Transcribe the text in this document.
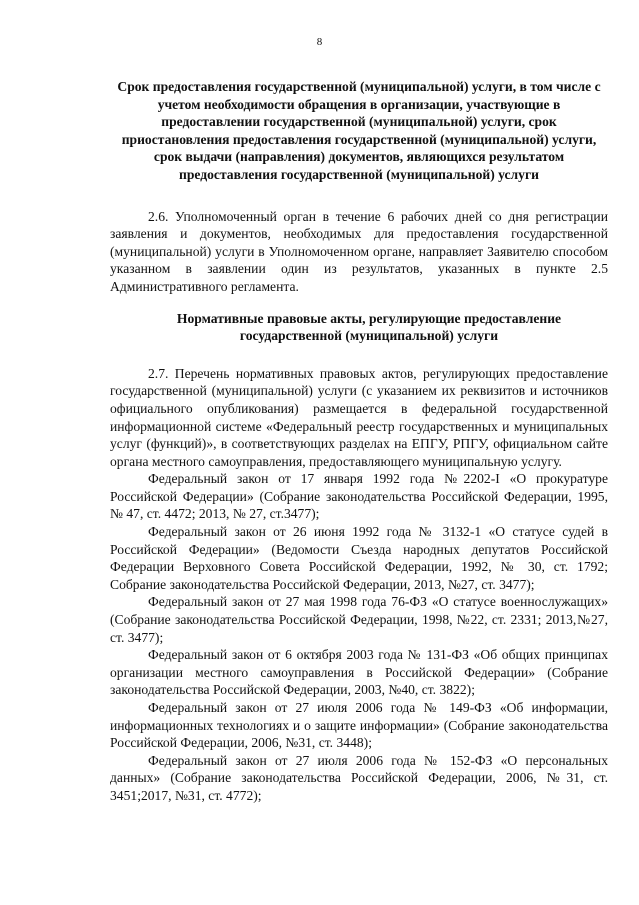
8

Срок предоставления государственной (муниципальной) услуги, в том числе с учетом необходимости обращения в организации, участвующие в предоставлении государственной (муниципальной) услуги, срок приостановления предоставления государственной (муниципальной) услуги, срок выдачи (направления) документов, являющихся результатом предоставления государственной (муниципальной) услуги

2.6. Уполномоченный орган в течение 6 рабочих дней со дня регистрации заявления и документов, необходимых для предоставления государственной (муниципальной) услуги в Уполномоченном органе, направляет Заявителю способом указанном в заявлении один из результатов, указанных в пункте 2.5 Административного регламента.

Нормативные правовые акты, регулирующие предоставление государственной (муниципальной) услуги

2.7. Перечень нормативных правовых актов, регулирующих предоставление государственной (муниципальной) услуги (с указанием их реквизитов и источников официального опубликования) размещается в федеральной государственной информационной системе «Федеральный реестр государственных и муниципальных услуг (функций)», в соответствующих разделах на ЕПГУ, РПГУ, официальном сайте органа местного самоуправления, предоставляющего муниципальную услугу.

Федеральный закон от 17 января 1992 года №2202-I «О прокуратуре Российской Федерации» (Собрание законодательства Российской Федерации, 1995, № 47, ст. 4472; 2013, № 27, ст.3477);

Федеральный закон от 26 июня 1992 года № 3132-1 «О статусе судей в Российской Федерации» (Ведомости Съезда народных депутатов Российской Федерации Верховного Совета Российской Федерации, 1992, № 30, ст. 1792; Собрание законодательства Российской Федерации, 2013, №27, ст. 3477);

Федеральный закон от 27 мая 1998 года 76-ФЗ «О статусе военнослужащих» (Собрание законодательства Российской Федерации, 1998, №22, ст. 2331; 2013,№27, ст. 3477);

Федеральный закон от 6 октября 2003 года № 131-ФЗ «Об общих принципах организации местного самоуправления в Российской Федерации» (Собрание законодательства Российской Федерации, 2003, №40, ст. 3822);

Федеральный закон от 27 июля 2006 года № 149-ФЗ «Об информации, информационных технологиях и о защите информации» (Собрание законодательства Российской Федерации, 2006, №31, ст. 3448);

Федеральный закон от 27 июля 2006 года № 152-ФЗ «О персональных данных» (Собрание законодательства Российской Федерации, 2006, №31, ст. 3451;2017, №31, ст. 4772);
